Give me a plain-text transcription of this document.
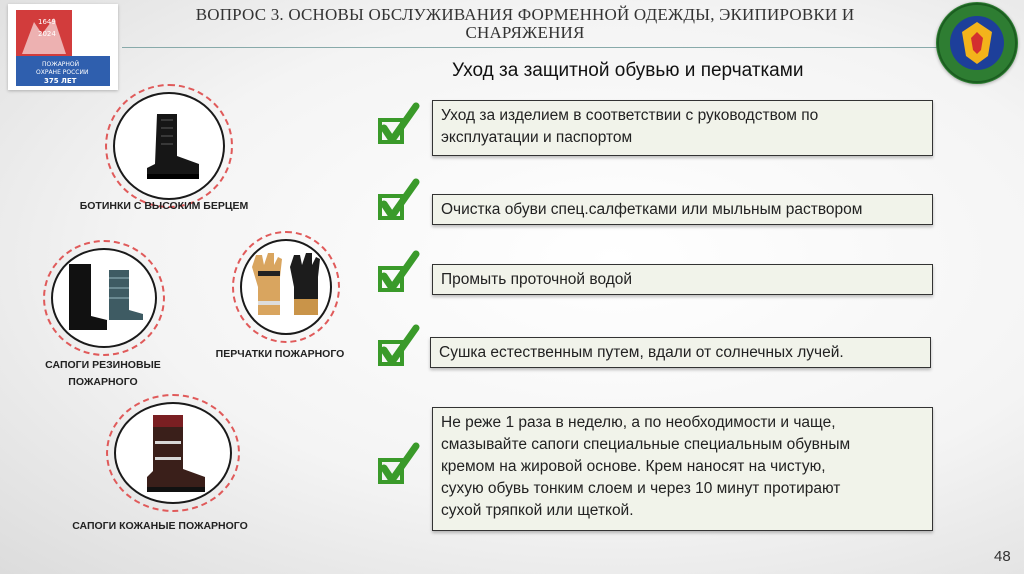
1649
2024
ПОЖАРНОЙ
ОХРАНЕ РОССИИ
375 ЛЕТ
ВОПРОС 3. ОСНОВЫ ОБСЛУЖИВАНИЯ ФОРМЕННОЙ ОДЕЖДЫ, ЭКИПИРОВКИ И
СНАРЯЖЕНИЯ
Уход за защитной обувью и перчатками
БОТИНКИ С ВЫСОКИМ БЕРЦЕМ
САПОГИ РЕЗИНОВЫЕ
ПОЖАРНОГО
ПЕРЧАТКИ ПОЖАРНОГО
САПОГИ КОЖАНЫЕ ПОЖАРНОГО
Уход за изделием в соответствии с руководством по
эксплуатации и паспортом
Очистка обуви спец.салфетками или мыльным раствором
Промыть проточной водой
Сушка естественным путем, вдали от солнечных лучей.
Не реже 1 раза в неделю, а по необходимости и чаще,
смазывайте сапоги специальные специальным обувным
кремом на жировой основе. Крем наносят на чистую,
сухую обувь тонким слоем и через 10 минут протирают
сухой тряпкой или щеткой.
48
